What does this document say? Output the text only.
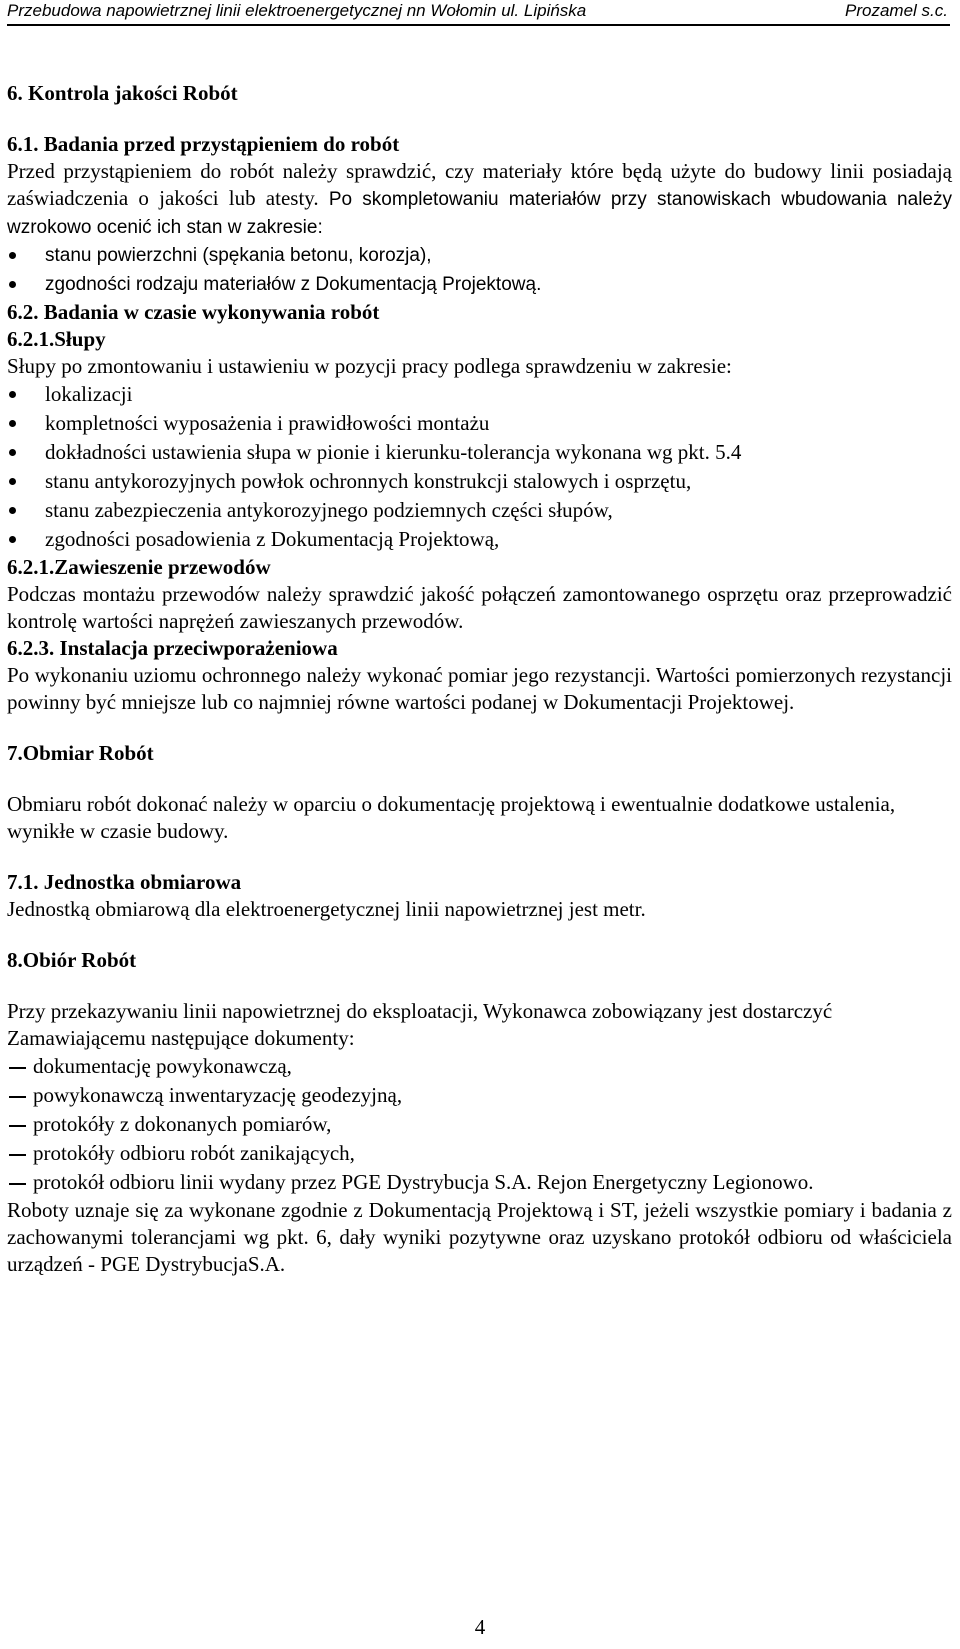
Przebudowa napowietrznej linii elektroenergetycznej nn Wołomin ul. Lipińska	Prozamel s.c.

6. Kontrola jakości Robót

6.1. Badania przed przystąpieniem do robót

Przed przystąpieniem do robót należy sprawdzić, czy materiały które będą użyte do budowy linii posiadają zaświadczenia o jakości lub atesty. Po skompletowaniu materiałów przy stanowiskach wbudowania należy wzrokowo ocenić ich stan w zakresie:

stanu powierzchni (spękania betonu, korozja),
zgodności rodzaju materiałów z Dokumentacją Projektową.

6.2. Badania w czasie wykonywania robót

6.2.1.Słupy

Słupy po zmontowaniu i ustawieniu w pozycji pracy podlega sprawdzeniu w zakresie:

lokalizacji
kompletności wyposażenia i prawidłowości montażu
dokładności ustawienia słupa w pionie i kierunku-tolerancja wykonana wg pkt. 5.4
stanu antykorozyjnych powłok ochronnych konstrukcji stalowych i osprzętu,
stanu zabezpieczenia antykorozyjnego podziemnych części słupów,
zgodności posadowienia z Dokumentacją Projektową,

6.2.1.Zawieszenie przewodów

Podczas montażu przewodów należy sprawdzić jakość połączeń zamontowanego osprzętu oraz przeprowadzić kontrolę wartości naprężeń zawieszanych przewodów.

6.2.3. Instalacja przeciwporażeniowa

Po wykonaniu uziomu ochronnego należy wykonać pomiar jego rezystancji. Wartości pomierzonych rezystancji powinny być mniejsze lub co najmniej równe wartości podanej w Dokumentacji Projektowej.

7.Obmiar Robót

Obmiaru robót dokonać należy w oparciu o dokumentację projektową i ewentualnie dodatkowe ustalenia, wynikłe w czasie budowy.

7.1. Jednostka obmiarowa

Jednostką obmiarową dla elektroenergetycznej linii napowietrznej jest metr.

8.Obiór Robót

Przy przekazywaniu linii napowietrznej do eksploatacji, Wykonawca zobowiązany jest dostarczyć Zamawiającemu następujące dokumenty:

dokumentację powykonawczą,
powykonawczą inwentaryzację geodezyjną,
protokóły z dokonanych pomiarów,
protokóły odbioru robót zanikających,
protokół odbioru linii wydany przez PGE Dystrybucja S.A. Rejon Energetyczny Legionowo.

Roboty uznaje się za wykonane zgodnie z Dokumentacją Projektową i ST, jeżeli wszystkie pomiary i badania z zachowanymi tolerancjami wg pkt. 6, dały wyniki pozytywne oraz uzyskano protokół odbioru od właściciela urządzeń - PGE DystrybucjaS.A.

4
